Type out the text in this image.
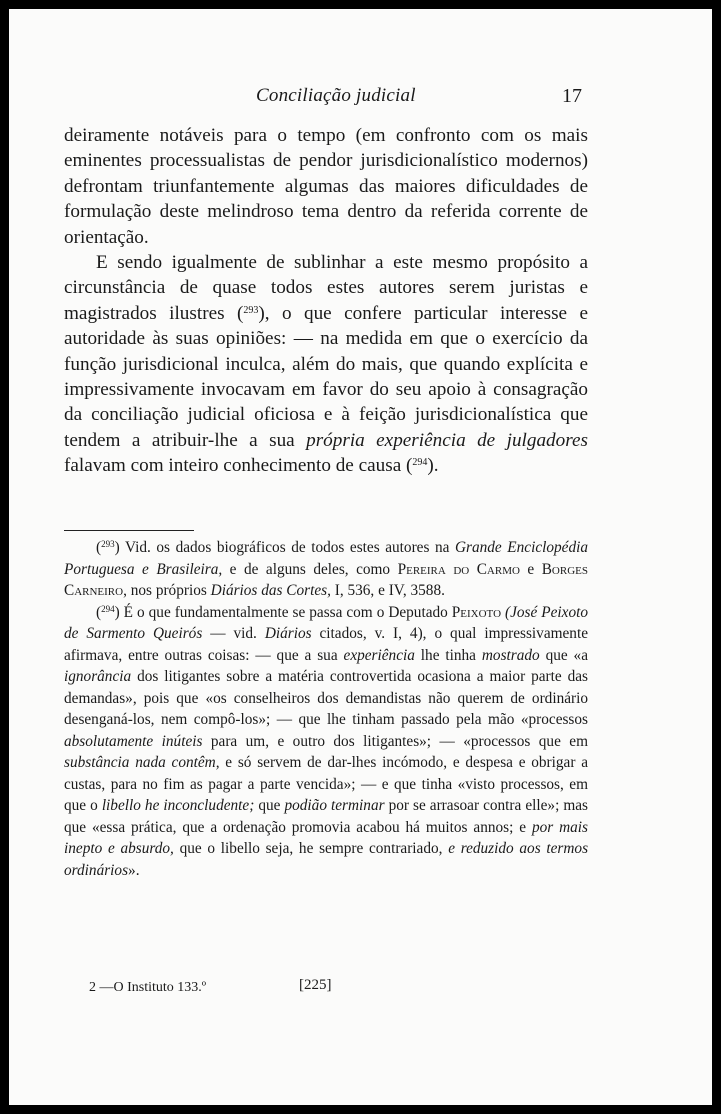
Conciliação judicial	17

deiramente notáveis para o tempo (em confronto com os mais eminentes processualistas de pendor jurisdicionalístico modernos) defrontam triunfantemente algumas das maiores dificuldades de formulação deste melindroso tema dentro da referida corrente de orientação.

E sendo igualmente de sublinhar a este mesmo propósito a circunstância de quase todos estes autores serem juristas e magistrados ilustres ($^{293}$), o que confere particular interesse e autoridade às suas opiniões: — na medida em que o exercício da função jurisdicional inculca, além do mais, que quando explícita e impressivamente invocavam em favor do seu apoio à consagração da conciliação judicial oficiosa e à feição jurisdicionalística que tendem a atribuir-lhe a sua própria experiência de julgadores falavam com inteiro conhecimento de causa ($^{294}$).

($^{293}$) Vid. os dados biográficos de todos estes autores na Grande Enciclopédia Portuguesa e Brasileira, e de alguns deles, como Pereira do Carmo e Borges Carneiro, nos próprios Diários das Cortes, I, 536, e IV, 3588.

($^{294}$) É o que fundamentalmente se passa com o Deputado Peixoto (José Peixoto de Sarmento Queirós — vid. Diários citados, v. I, 4), o qual impressivamente afirmava, entre outras coisas: — que a sua experiência lhe tinha mostrado que «a ignorância dos litigantes sobre a matéria controvertida ocasiona a maior parte das demandas», pois que «os conselheiros dos demandistas não querem de ordinário desenganá-los, nem compô-los»; — que lhe tinham passado pela mão «processos absolutamente inúteis para um, e outro dos litigantes»; — «processos que em substância nada contêm, e só servem de dar-lhes incómodo, e despesa e obrigar a custas, para no fim as pagar a parte vencida»; — e que tinha «visto processos, em que o libello he inconcludente; que podião terminar por se arrasoar contra elle»; mas que «essa prática, que a ordenação promovia acabou há muitos annos; e por mais inepto e absurdo, que o libello seja, he sempre contrariado, e reduzido aos termos ordinários».

2 —O Instituto 133.º	[225]
